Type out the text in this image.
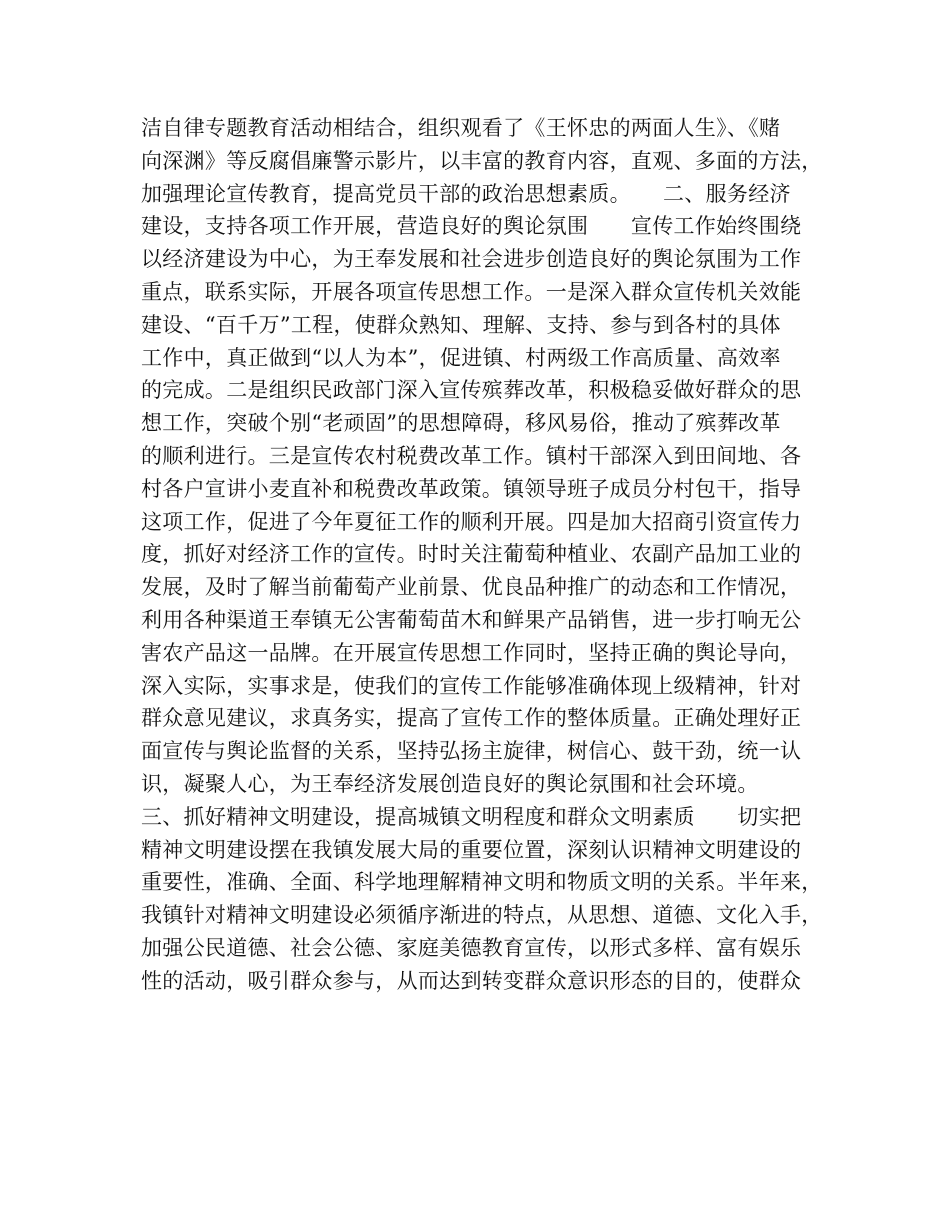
洁自律专题教育活动相结合，组织观看了《王怀忠的两面人生》、《赌
向深渊》等反腐倡廉警示影片，以丰富的教育内容，直观、多面的方法，
加强理论宣传教育，提高党员干部的政治思想素质。　　二、服务经济
建设，支持各项工作开展，营造良好的舆论氛围　　宣传工作始终围绕
以经济建设为中心，为王奉发展和社会进步创造良好的舆论氛围为工作
重点，联系实际，开展各项宣传思想工作。一是深入群众宣传机关效能
建设、“百千万”工程，使群众熟知、理解、支持、参与到各村的具体
工作中，真正做到“以人为本”，促进镇、村两级工作高质量、高效率
的完成。二是组织民政部门深入宣传殡葬改革，积极稳妥做好群众的思
想工作，突破个别“老顽固”的思想障碍，移风易俗，推动了殡葬改革
的顺利进行。三是宣传农村税费改革工作。镇村干部深入到田间地、各
村各户宣讲小麦直补和税费改革政策。镇领导班子成员分村包干，指导
这项工作，促进了今年夏征工作的顺利开展。四是加大招商引资宣传力
度，抓好对经济工作的宣传。时时关注葡萄种植业、农副产品加工业的
发展，及时了解当前葡萄产业前景、优良品种推广的动态和工作情况，
利用各种渠道王奉镇无公害葡萄苗木和鲜果产品销售，进一步打响无公
害农产品这一品牌。在开展宣传思想工作同时，坚持正确的舆论导向，
深入实际，实事求是，使我们的宣传工作能够准确体现上级精神，针对
群众意见建议，求真务实，提高了宣传工作的整体质量。正确处理好正
面宣传与舆论监督的关系，坚持弘扬主旋律，树信心、鼓干劲，统一认
识，凝聚人心，为王奉经济发展创造良好的舆论氛围和社会环境。
三、抓好精神文明建设，提高城镇文明程度和群众文明素质　　切实把
精神文明建设摆在我镇发展大局的重要位置，深刻认识精神文明建设的
重要性，准确、全面、科学地理解精神文明和物质文明的关系。半年来，
我镇针对精神文明建设必须循序渐进的特点，从思想、道德、文化入手，
加强公民道德、社会公德、家庭美德教育宣传，以形式多样、富有娱乐
性的活动，吸引群众参与，从而达到转变群众意识形态的目的，使群众
